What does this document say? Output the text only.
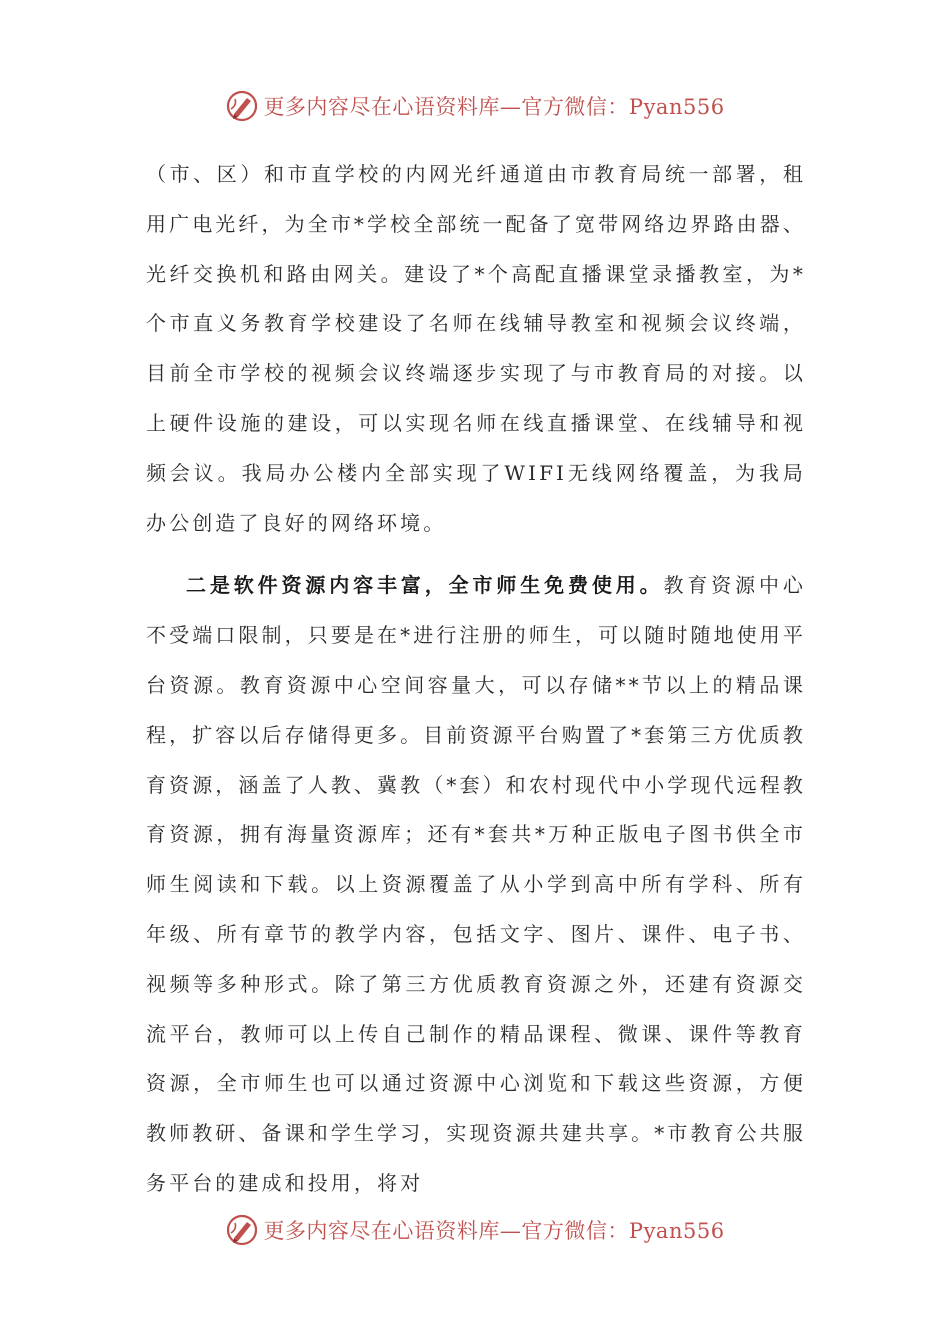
更多内容尽在心语资料库—官方微信：Pyan556

（市、区）和市直学校的内网光纤通道由市教育局统一部署，租用广电光纤，为全市*学校全部统一配备了宽带网络边界路由器、光纤交换机和路由网关。建设了*个高配直播课堂录播教室，为*个市直义务教育学校建设了名师在线辅导教室和视频会议终端，目前全市学校的视频会议终端逐步实现了与市教育局的对接。以上硬件设施的建设，可以实现名师在线直播课堂、在线辅导和视频会议。我局办公楼内全部实现了WIFI无线网络覆盖，为我局办公创造了良好的网络环境。

二是软件资源内容丰富，全市师生免费使用。教育资源中心不受端口限制，只要是在*进行注册的师生，可以随时随地使用平台资源。教育资源中心空间容量大，可以存储**节以上的精品课程，扩容以后存储得更多。目前资源平台购置了*套第三方优质教育资源，涵盖了人教、冀教（*套）和农村现代中小学现代远程教育资源，拥有海量资源库；还有*套共*万种正版电子图书供全市师生阅读和下载。以上资源覆盖了从小学到高中所有学科、所有年级、所有章节的教学内容，包括文字、图片、课件、电子书、视频等多种形式。除了第三方优质教育资源之外，还建有资源交流平台，教师可以上传自己制作的精品课程、微课、课件等教育资源，全市师生也可以通过资源中心浏览和下载这些资源，方便教师教研、备课和学生学习，实现资源共建共享。*市教育公共服务平台的建成和投用，将对

更多内容尽在心语资料库—官方微信：Pyan556
